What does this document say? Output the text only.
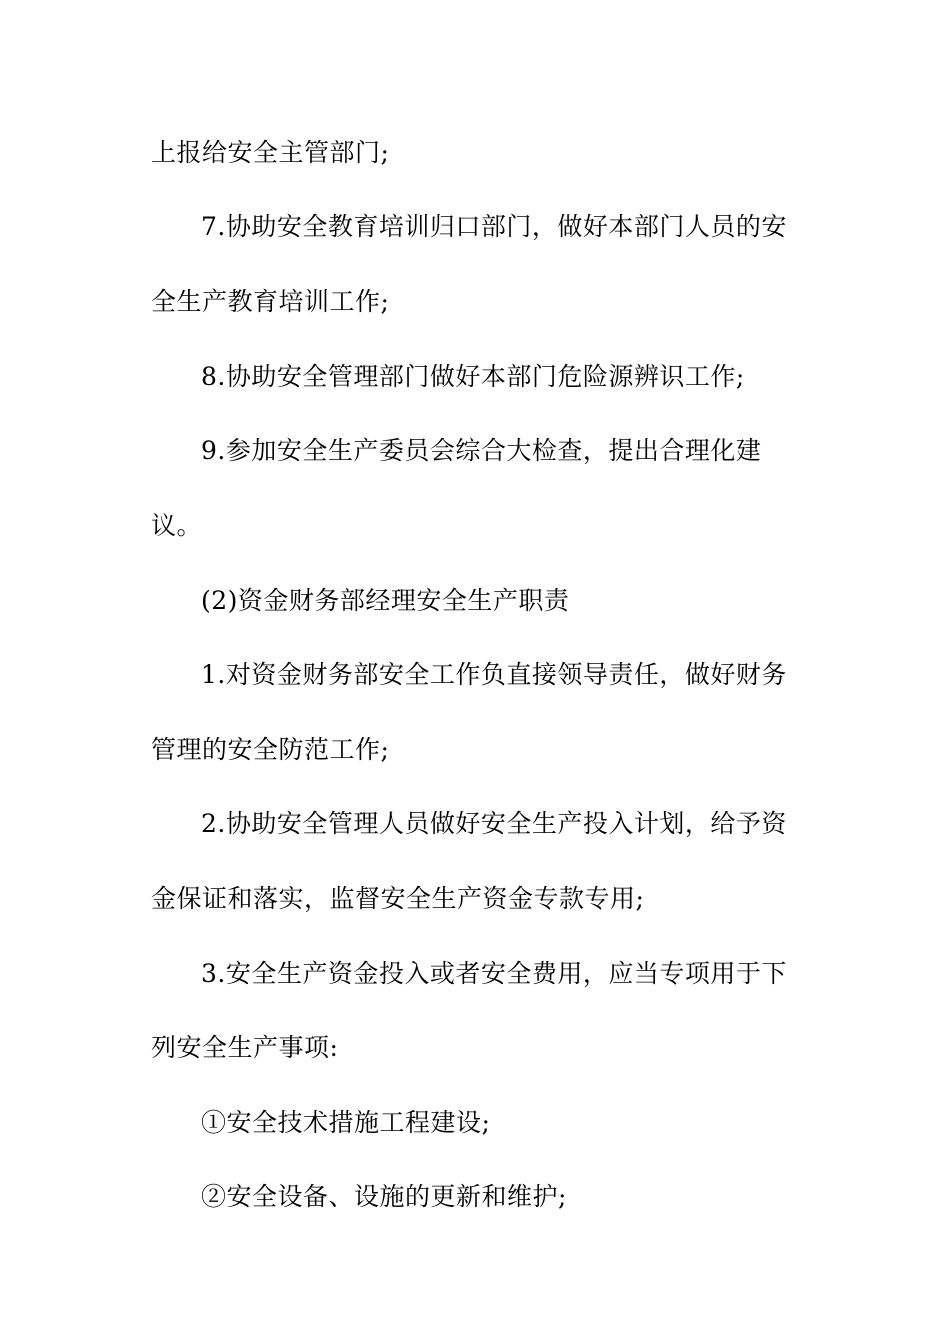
上报给安全主管部门;
7.协助安全教育培训归口部门，做好本部门人员的安
全生产教育培训工作;
8.协助安全管理部门做好本部门危险源辨识工作;
9.参加安全生产委员会综合大检查，提出合理化建
议。
(2)资金财务部经理安全生产职责
1.对资金财务部安全工作负直接领导责任，做好财务
管理的安全防范工作;
2.协助安全管理人员做好安全生产投入计划，给予资
金保证和落实，监督安全生产资金专款专用;
3.安全生产资金投入或者安全费用，应当专项用于下
列安全生产事项:
①安全技术措施工程建设;
②安全设备、设施的更新和维护;
